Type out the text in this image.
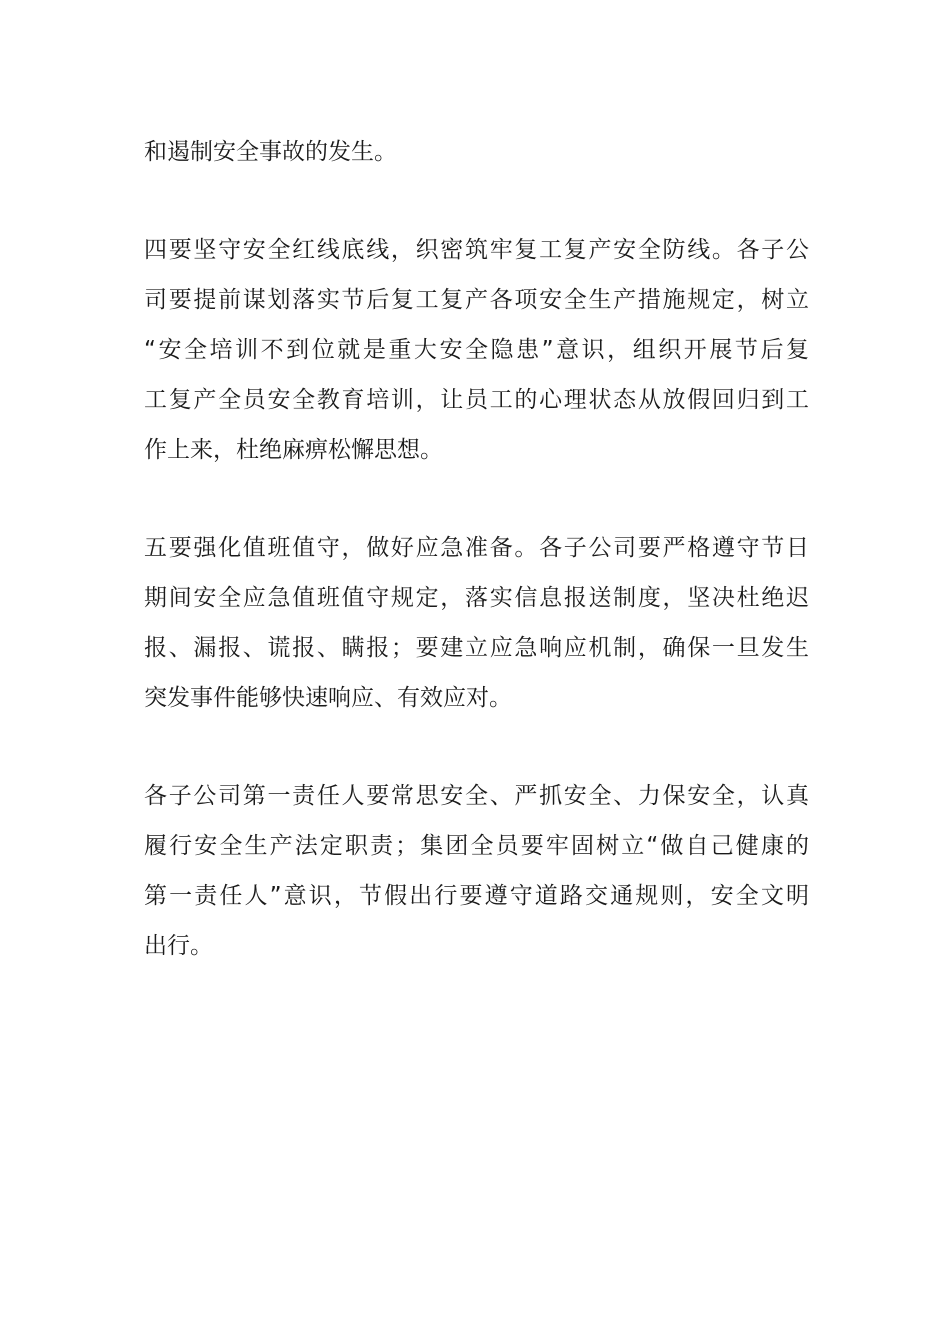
和遏制安全事故的发生。
四要坚守安全红线底线，织密筑牢复工复产安全防线。各子公
司要提前谋划落实节后复工复产各项安全生产措施规定，树立
“安全培训不到位就是重大安全隐患”意识，组织开展节后复
工复产全员安全教育培训，让员工的心理状态从放假回归到工
作上来，杜绝麻痹松懈思想。
五要强化值班值守，做好应急准备。各子公司要严格遵守节日
期间安全应急值班值守规定，落实信息报送制度，坚决杜绝迟
报、漏报、谎报、瞒报；要建立应急响应机制，确保一旦发生
突发事件能够快速响应、有效应对。
各子公司第一责任人要常思安全、严抓安全、力保安全，认真
履行安全生产法定职责；集团全员要牢固树立“做自己健康的
第一责任人”意识，节假出行要遵守道路交通规则，安全文明
出行。
